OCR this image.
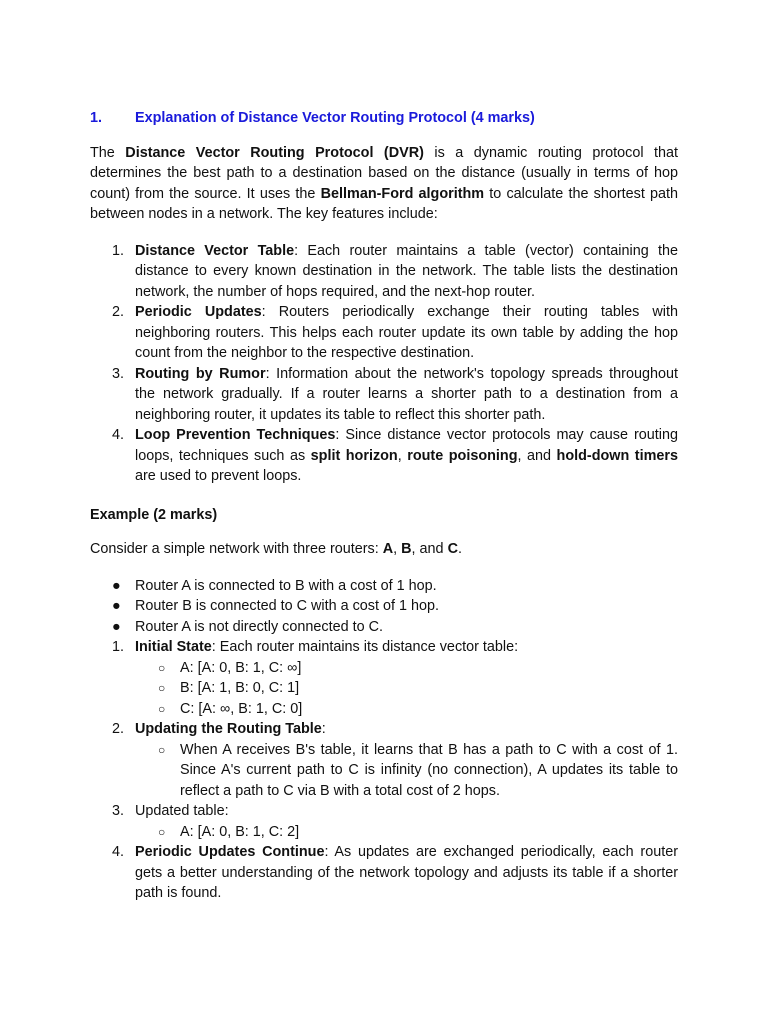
1.	Explanation of Distance Vector Routing Protocol (4 marks)

The Distance Vector Routing Protocol (DVR) is a dynamic routing protocol that determines the best path to a destination based on the distance (usually in terms of hop count) from the source. It uses the Bellman-Ford algorithm to calculate the shortest path between nodes in a network. The key features include:

1. Distance Vector Table: Each router maintains a table (vector) containing the distance to every known destination in the network. The table lists the destination network, the number of hops required, and the next-hop router.
2. Periodic Updates: Routers periodically exchange their routing tables with neighboring routers. This helps each router update its own table by adding the hop count from the neighbor to the respective destination.
3. Routing by Rumor: Information about the network's topology spreads throughout the network gradually. If a router learns a shorter path to a destination from a neighboring router, it updates its table to reflect this shorter path.
4. Loop Prevention Techniques: Since distance vector protocols may cause routing loops, techniques such as split horizon, route poisoning, and hold-down timers are used to prevent loops.

Example (2 marks)

Consider a simple network with three routers: A, B, and C.

● Router A is connected to B with a cost of 1 hop.
● Router B is connected to C with a cost of 1 hop.
● Router A is not directly connected to C.
1. Initial State: Each router maintains its distance vector table:
○ A: [A: 0, B: 1, C: ∞]
○ B: [A: 1, B: 0, C: 1]
○ C: [A: ∞, B: 1, C: 0]
2. Updating the Routing Table:
○ When A receives B's table, it learns that B has a path to C with a cost of 1. Since A's current path to C is infinity (no connection), A updates its table to reflect a path to C via B with a total cost of 2 hops.
3. Updated table:
○ A: [A: 0, B: 1, C: 2]
4. Periodic Updates Continue: As updates are exchanged periodically, each router gets a better understanding of the network topology and adjusts its table if a shorter path is found.
